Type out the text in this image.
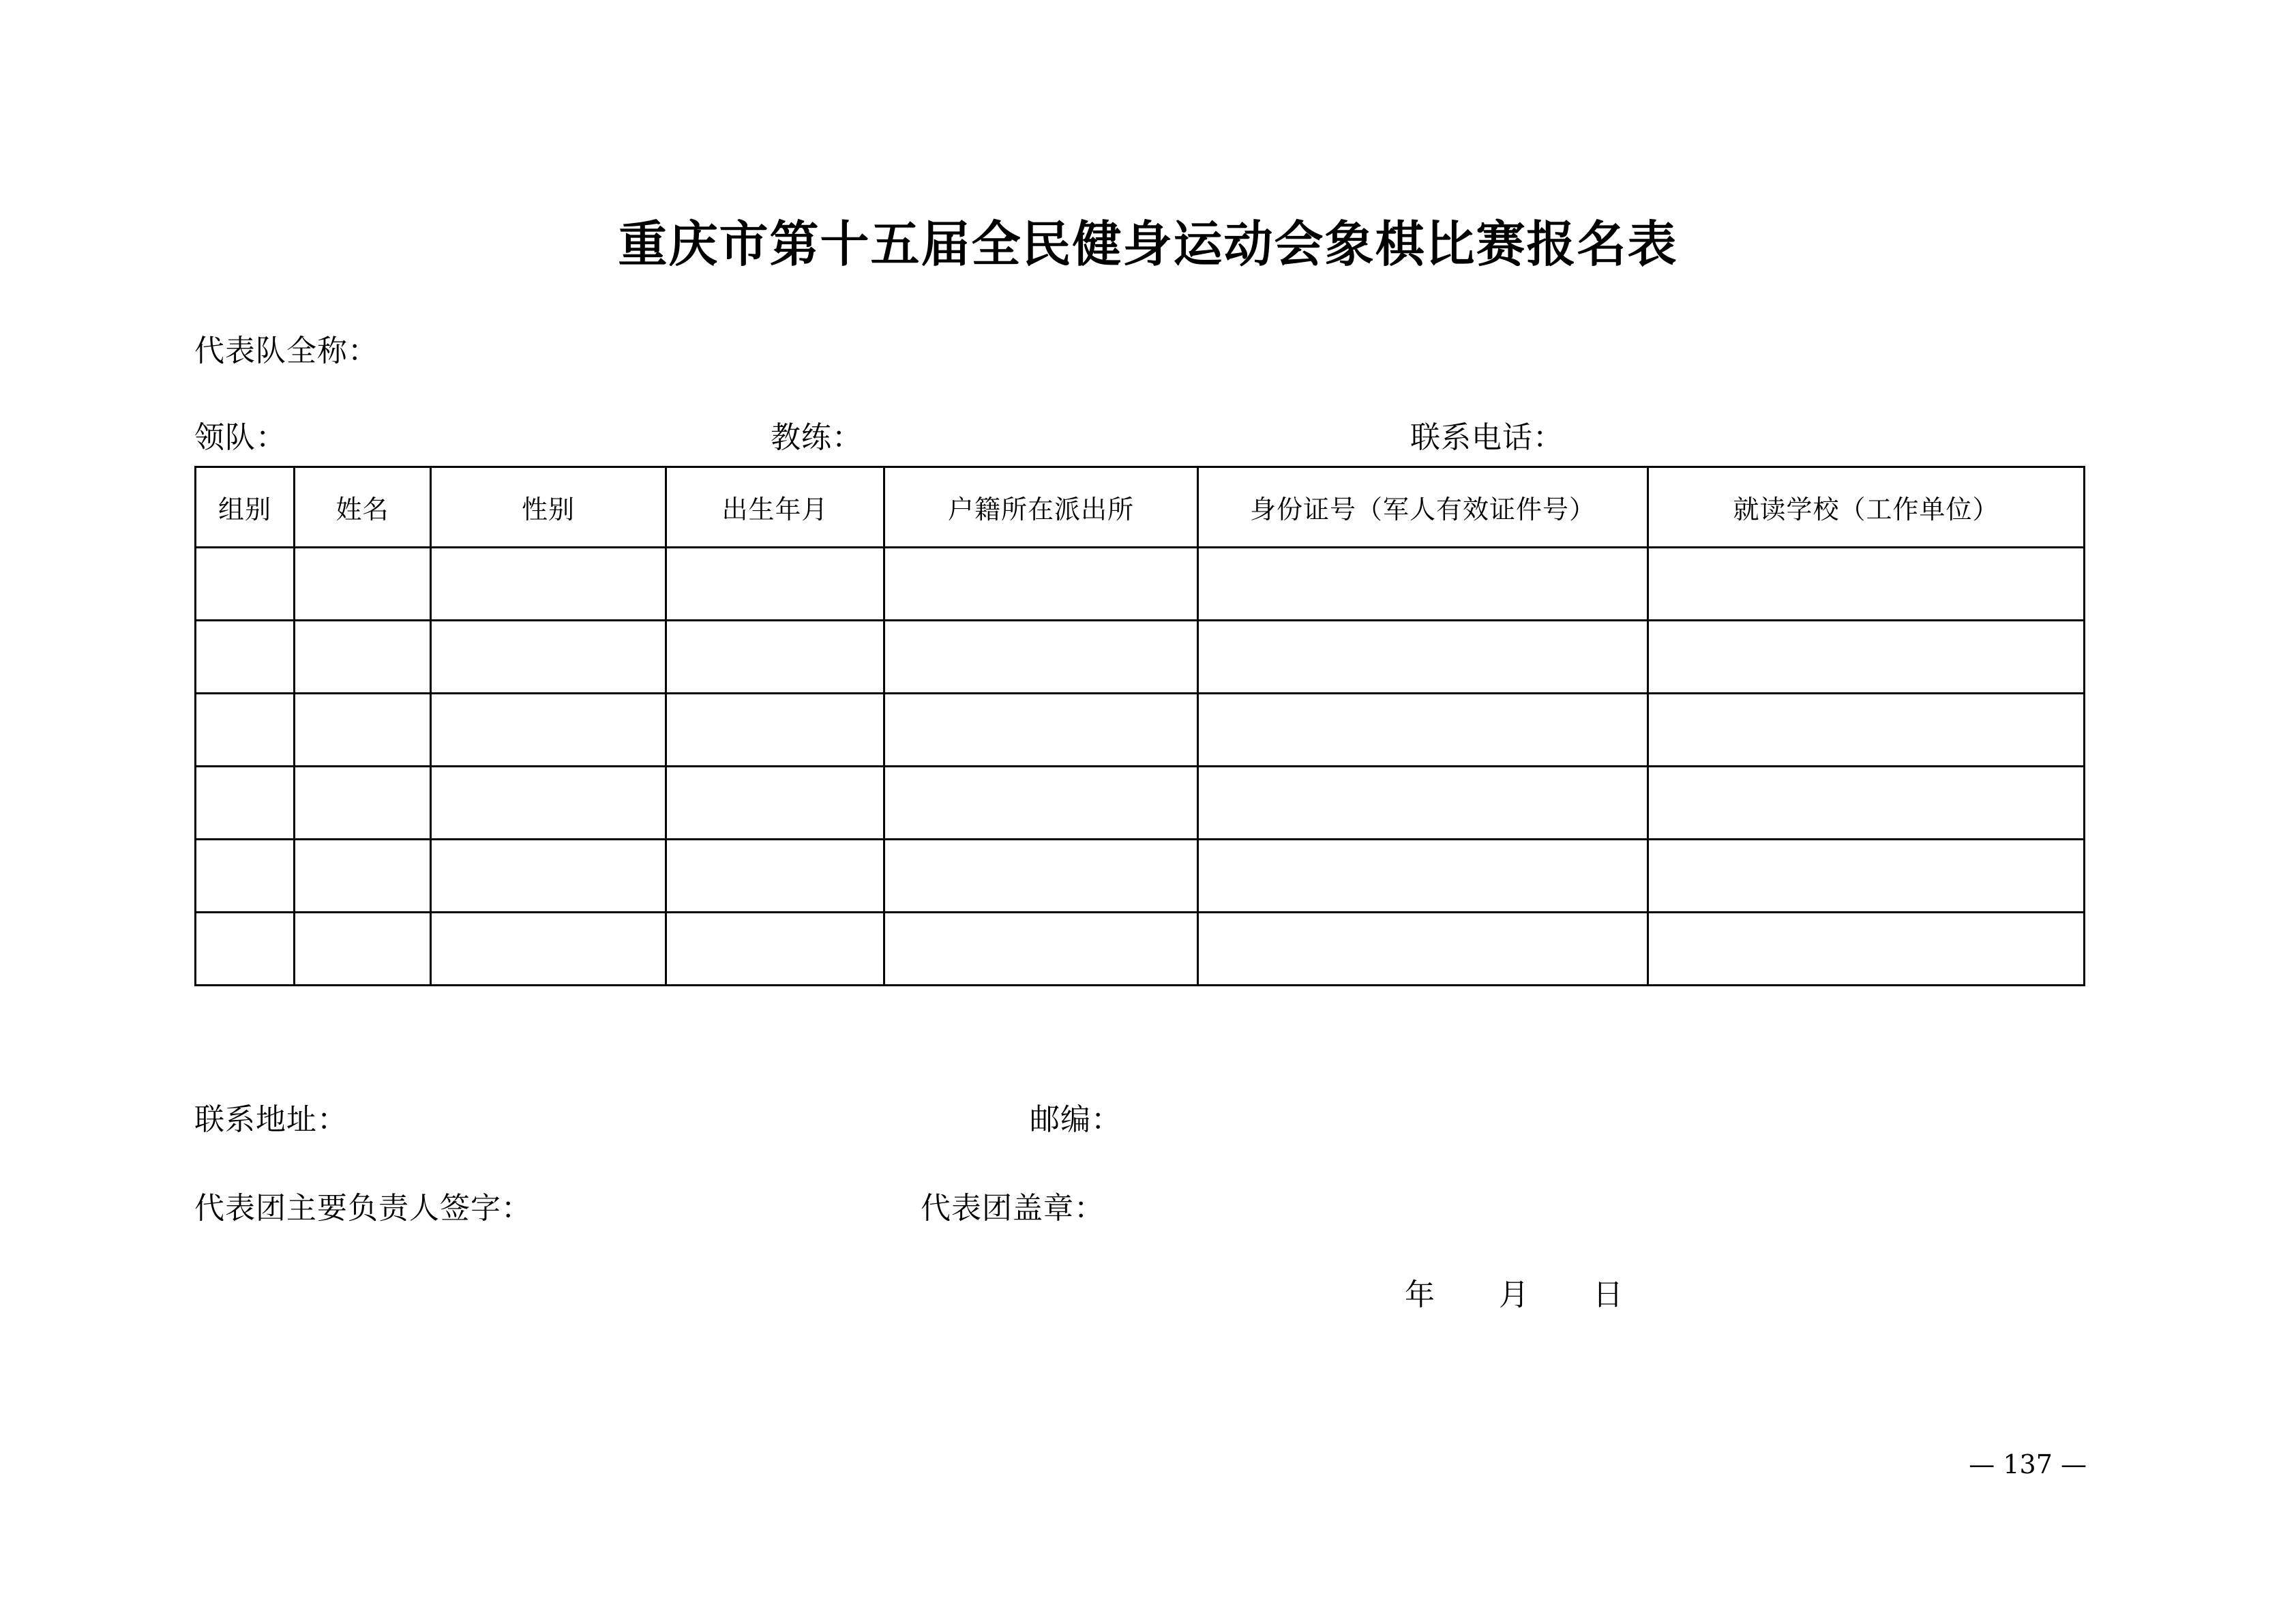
重庆市第十五届全民健身运动会象棋比赛报名表
代表队全称：
领队：	教练：	联系电话：
组别	姓名	性别	出生年月	户籍所在派出所	身份证号（军人有效证件号）	就读学校（工作单位）

联系地址：	邮编：
代表团主要负责人签字：	代表团盖章：
年 月 日
— 137 —
